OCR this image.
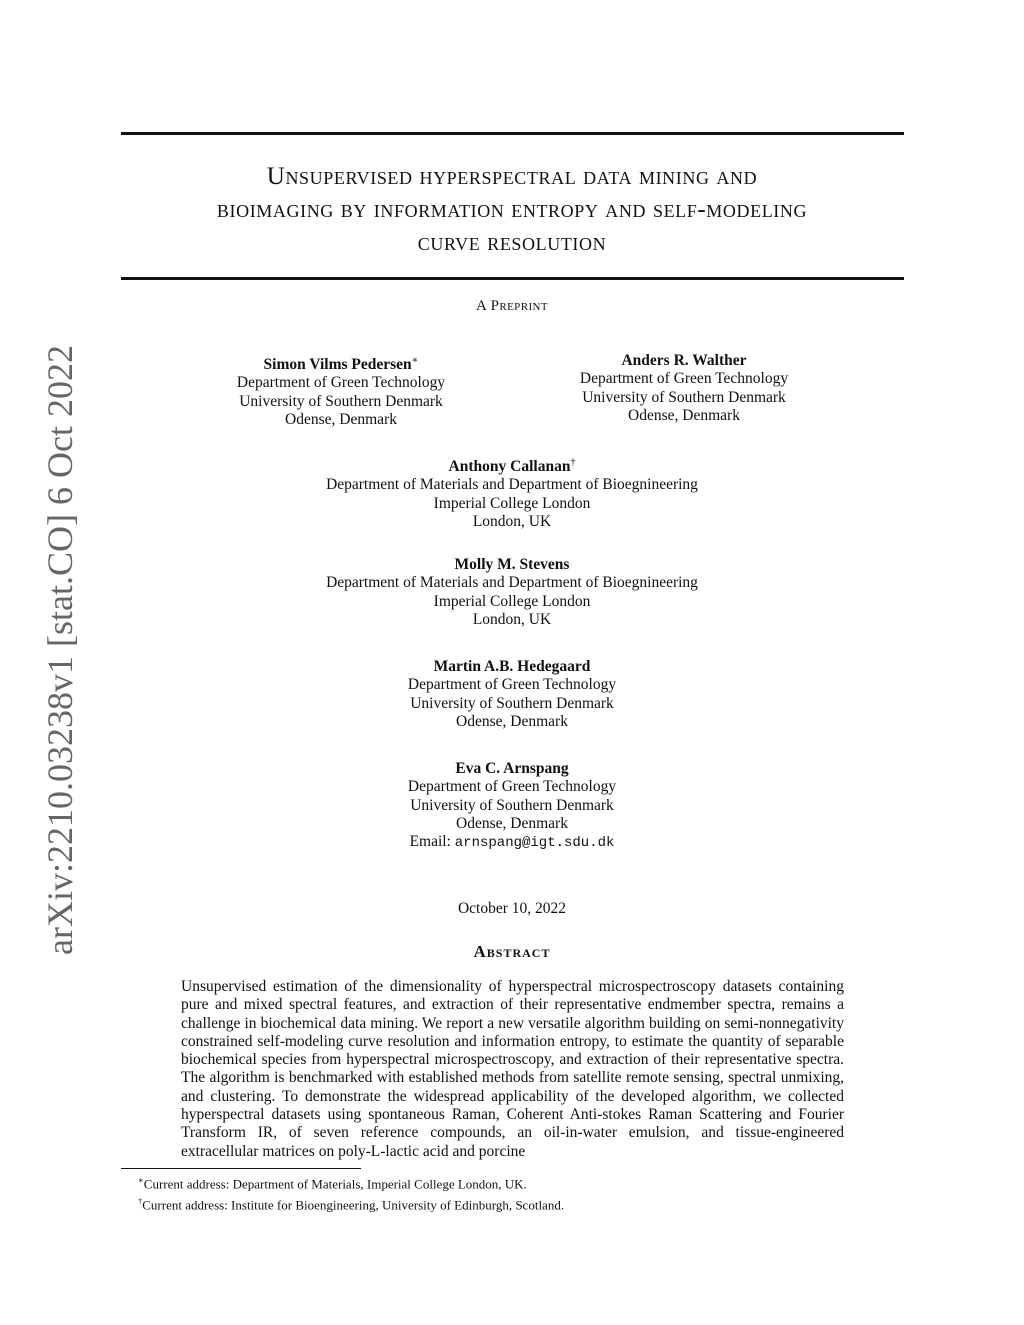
arXiv:2210.03238v1 [stat.CO] 6 Oct 2022
Unsupervised hyperspectral data mining and
bioimaging by information entropy and self-modeling
curve resolution
A Preprint
Simon Vilms Pedersen∗
Department of Green Technology
University of Southern Denmark
Odense, Denmark
Anders R. Walther
Department of Green Technology
University of Southern Denmark
Odense, Denmark
Anthony Callanan†
Department of Materials and Department of Bioegnineering
Imperial College London
London, UK
Molly M. Stevens
Department of Materials and Department of Bioegnineering
Imperial College London
London, UK
Martin A.B. Hedegaard
Department of Green Technology
University of Southern Denmark
Odense, Denmark
Eva C. Arnspang
Department of Green Technology
University of Southern Denmark
Odense, Denmark
Email: arnspang@igt.sdu.dk
October 10, 2022
Abstract

Unsupervised estimation of the dimensionality of hyperspectral microspectroscopy datasets containing pure and mixed spectral features, and extraction of their representative endmember spectra, remains a challenge in biochemical data mining. We report a new versatile algorithm building on semi-nonnegativity constrained self-modeling curve resolution and information entropy, to estimate the quantity of separable biochemical species from hyperspectral microspectroscopy, and extraction of their representative spectra. The algorithm is benchmarked with established methods from satellite remote sensing, spectral unmixing, and clustering. To demonstrate the widespread applicability of the developed algorithm, we collected hyperspectral datasets using spontaneous Raman, Coherent Anti-stokes Raman Scattering and Fourier Transform IR, of seven reference compounds, an oil-in-water emulsion, and tissue-engineered extracellular matrices on poly-L-lactic acid and porcine

∗Current address: Department of Materials, Imperial College London, UK.
†Current address: Institute for Bioengineering, University of Edinburgh, Scotland.
